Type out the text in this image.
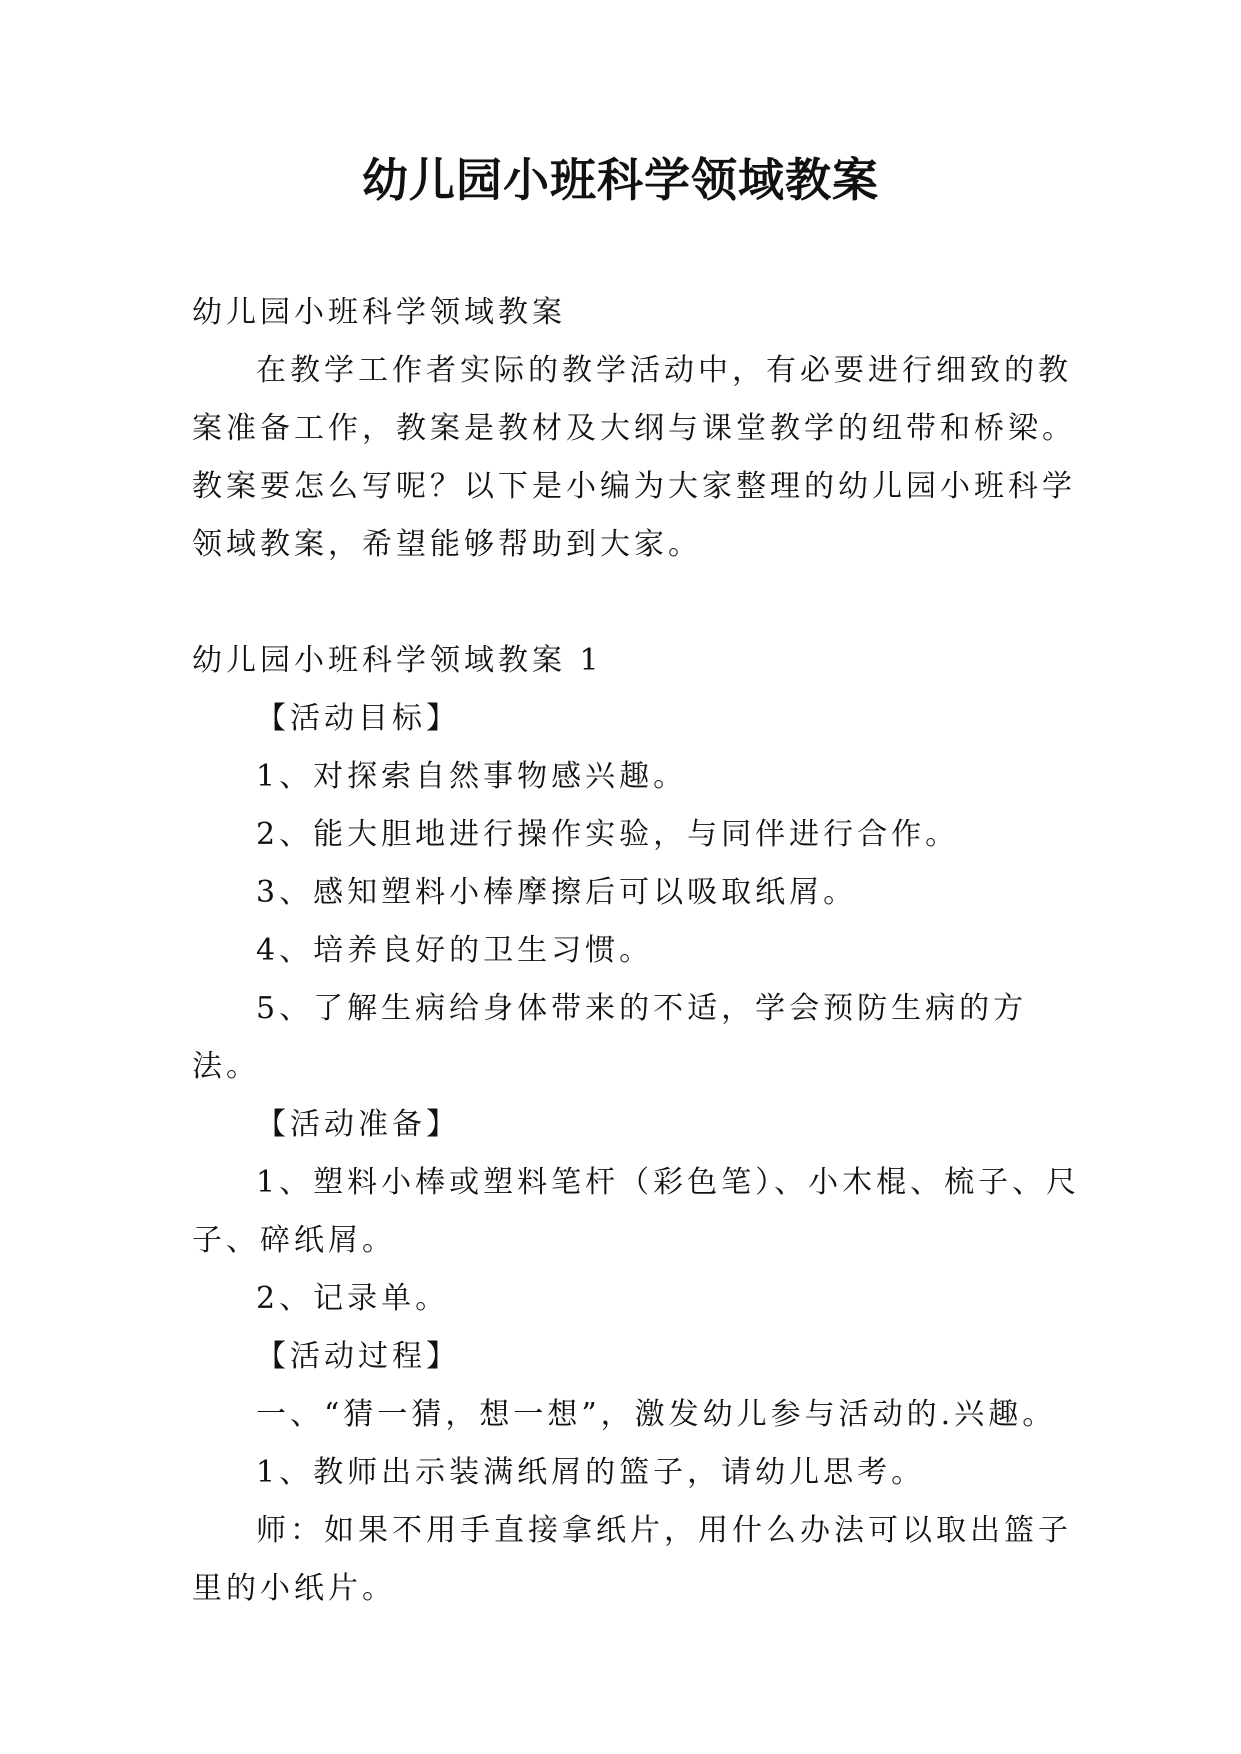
幼儿园小班科学领域教案

幼儿园小班科学领域教案

在教学工作者实际的教学活动中，有必要进行细致的教案准备工作，教案是教材及大纲与课堂教学的纽带和桥梁。教案要怎么写呢？以下是小编为大家整理的幼儿园小班科学领域教案，希望能够帮助到大家。

幼儿园小班科学领域教案 1

【活动目标】

1、对探索自然事物感兴趣。

2、能大胆地进行操作实验，与同伴进行合作。

3、感知塑料小棒摩擦后可以吸取纸屑。

4、培养良好的卫生习惯。

5、了解生病给身体带来的不适，学会预防生病的方法。

【活动准备】

1、塑料小棒或塑料笔杆（彩色笔）、小木棍、梳子、尺子、碎纸屑。

2、记录单。

【活动过程】

一、“猜一猜，想一想”，激发幼儿参与活动的.兴趣。

1、教师出示装满纸屑的篮子，请幼儿思考。

师：如果不用手直接拿纸片，用什么办法可以取出篮子里的小纸片。
